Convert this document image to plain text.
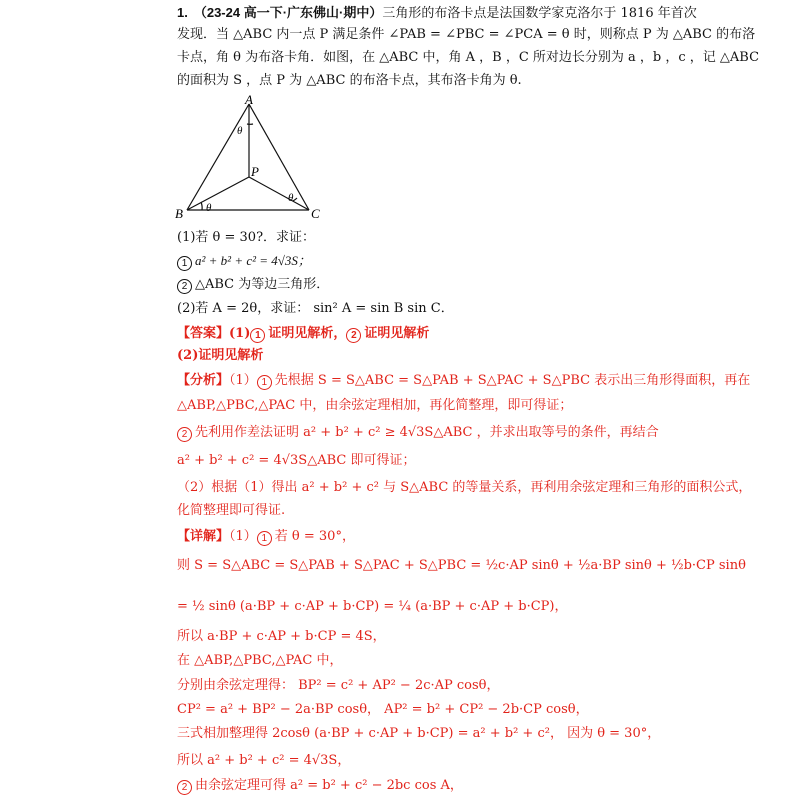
1. （23-24 高一下·广东佛山·期中）三角形的布洛卡点是法国数学家克洛尔于 1816 年首次
发现．当 △ABC 内一点 P 满足条件 ∠PAB = ∠PBC = ∠PCA = θ 时，则称点 P 为 △ABC 的布洛
卡点，角 θ 为布洛卡角．如图，在 △ABC 中，角 A ，B ，C 所对边长分别为 a ，b ，c ，记 △ABC
的面积为 S ，点 P 为 △ABC 的布洛卡点，其布洛卡角为 θ.
A
B	C
P
θ
θ
θ
(1)若 θ = 30?．求证：
1 a² + b² + c² = 4√3S；
2 △ABC 为等边三角形．
(2)若 A = 2θ，求证： sin² A = sin B sin C．
【答案】(1) 1 证明见解析， 2 证明见解析
(2)证明见解析
【分析】（1） 1 先根据 S = S△ABC = S△PAB + S△PAC + S△PBC 表示出三角形得面积，再在
△ABP,△PBC,△PAC 中，由余弦定理相加，再化简整理，即可得证；
2 先利用作差法证明 a² + b² + c² ≥ 4√3S△ABC ，并求出取等号的条件，再结合
a² + b² + c² = 4√3S△ABC 即可得证；
（2）根据（1）得出 a² + b² + c² 与 S△ABC 的等量关系，再利用余弦定理和三角形的面积公式，
化简整理即可得证.
【详解】（1） 1 若 θ = 30°，
则 S = S△ABC = S△PAB + S△PAC + S△PBC = ½c·AP sinθ + ½a·BP sinθ + ½b·CP sinθ
= ½ sinθ (a·BP + c·AP + b·CP) = ¼ (a·BP + c·AP + b·CP)，
所以 a·BP + c·AP + b·CP = 4S，
在 △ABP,△PBC,△PAC 中，
分别由余弦定理得： BP² = c² + AP² − 2c·AP cosθ，
CP² = a² + BP² − 2a·BP cosθ， AP² = b² + CP² − 2b·CP cosθ，
三式相加整理得 2cosθ (a·BP + c·AP + b·CP) = a² + b² + c²， 因为 θ = 30°，
所以 a² + b² + c² = 4√3S，
2 由余弦定理可得 a² = b² + c² − 2bc cos A，
